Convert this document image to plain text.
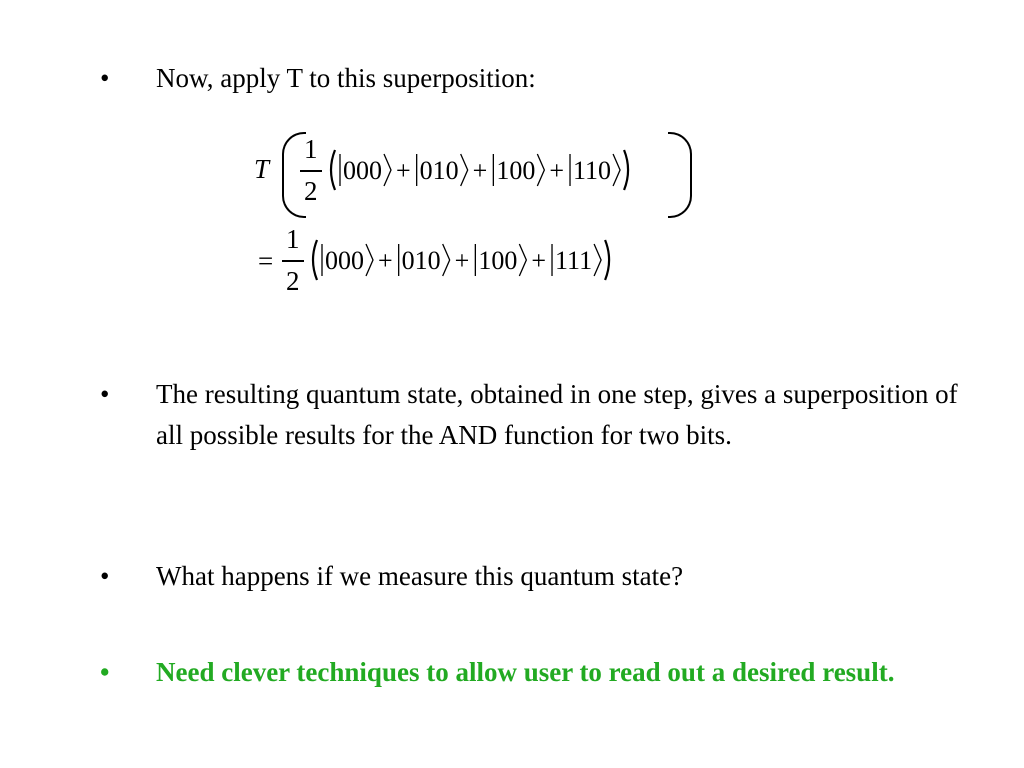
• Now, apply T to this superposition:
T
1
2
000 + 010 + 100 + 110
=
1
2
000 + 010 + 100 + 111
• The resulting quantum state, obtained in one step, gives a superposition of all possible results for the AND function for two bits.
• What happens if we measure this quantum state?
• Need clever techniques to allow user to read out a desired result.
